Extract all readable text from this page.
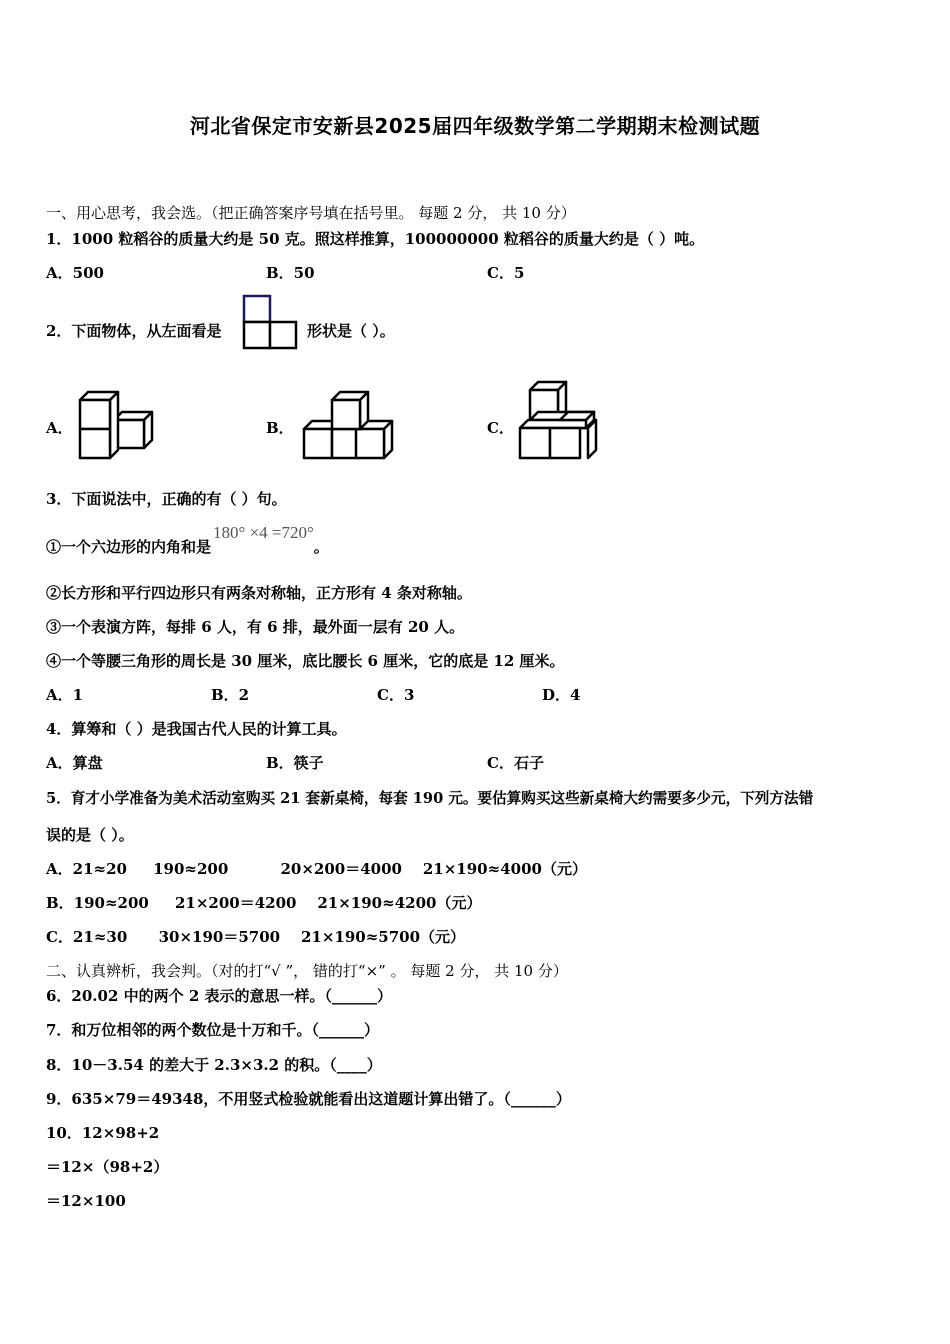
河北省保定市安新县2025届四年级数学第二学期期末检测试题
一、用心思考，我会选。（把正确答案序号填在括号里。 每题 2 分， 共 10 分）
1．1000 粒稻谷的质量大约是 50 克。照这样推算，100000000 粒稻谷的质量大约是（ ）吨。
A．500	B．50	C．5
2．下面物体，从左面看是	形状是（ ）。
A．	B．	C．
3．下面说法中，正确的有（ ）句。
①一个六边形的内角和是180° ×4 =720°。
②长方形和平行四边形只有两条对称轴，正方形有 4 条对称轴。
③一个表演方阵，每排 6 人，有 6 排，最外面一层有 20 人。
④一个等腰三角形的周长是 30 厘米，底比腰长 6 厘米，它的底是 12 厘米。
A．1	B．2	C．3	D．4
4．算筹和（ ）是我国古代人民的计算工具。
A．算盘	B．筷子	C．石子
5．育才小学准备为美术活动室购买 21 套新桌椅，每套 190 元。要估算购买这些新桌椅大约需要多少元，下列方法错
误的是（ ）。
A．21≈20     190≈200          20×200＝4000    21×190≈4000（元）
B．190≈200     21×200＝4200    21×190≈4200（元）
C．21≈30      30×190＝5700    21×190≈5700（元）
二、认真辨析，我会判。（对的打“√ ”， 错的打“×” 。 每题 2 分， 共 10 分）
6．20.02 中的两个 2 表示的意思一样。（______）
7．和万位相邻的两个数位是十万和千。（______）
8．10－3.54 的差大于 2.3×3.2 的积。（____）
9．635×79＝49348，不用竖式检验就能看出这道题计算出错了。（______）
10．12×98+2
＝12×（98+2）
＝12×100
